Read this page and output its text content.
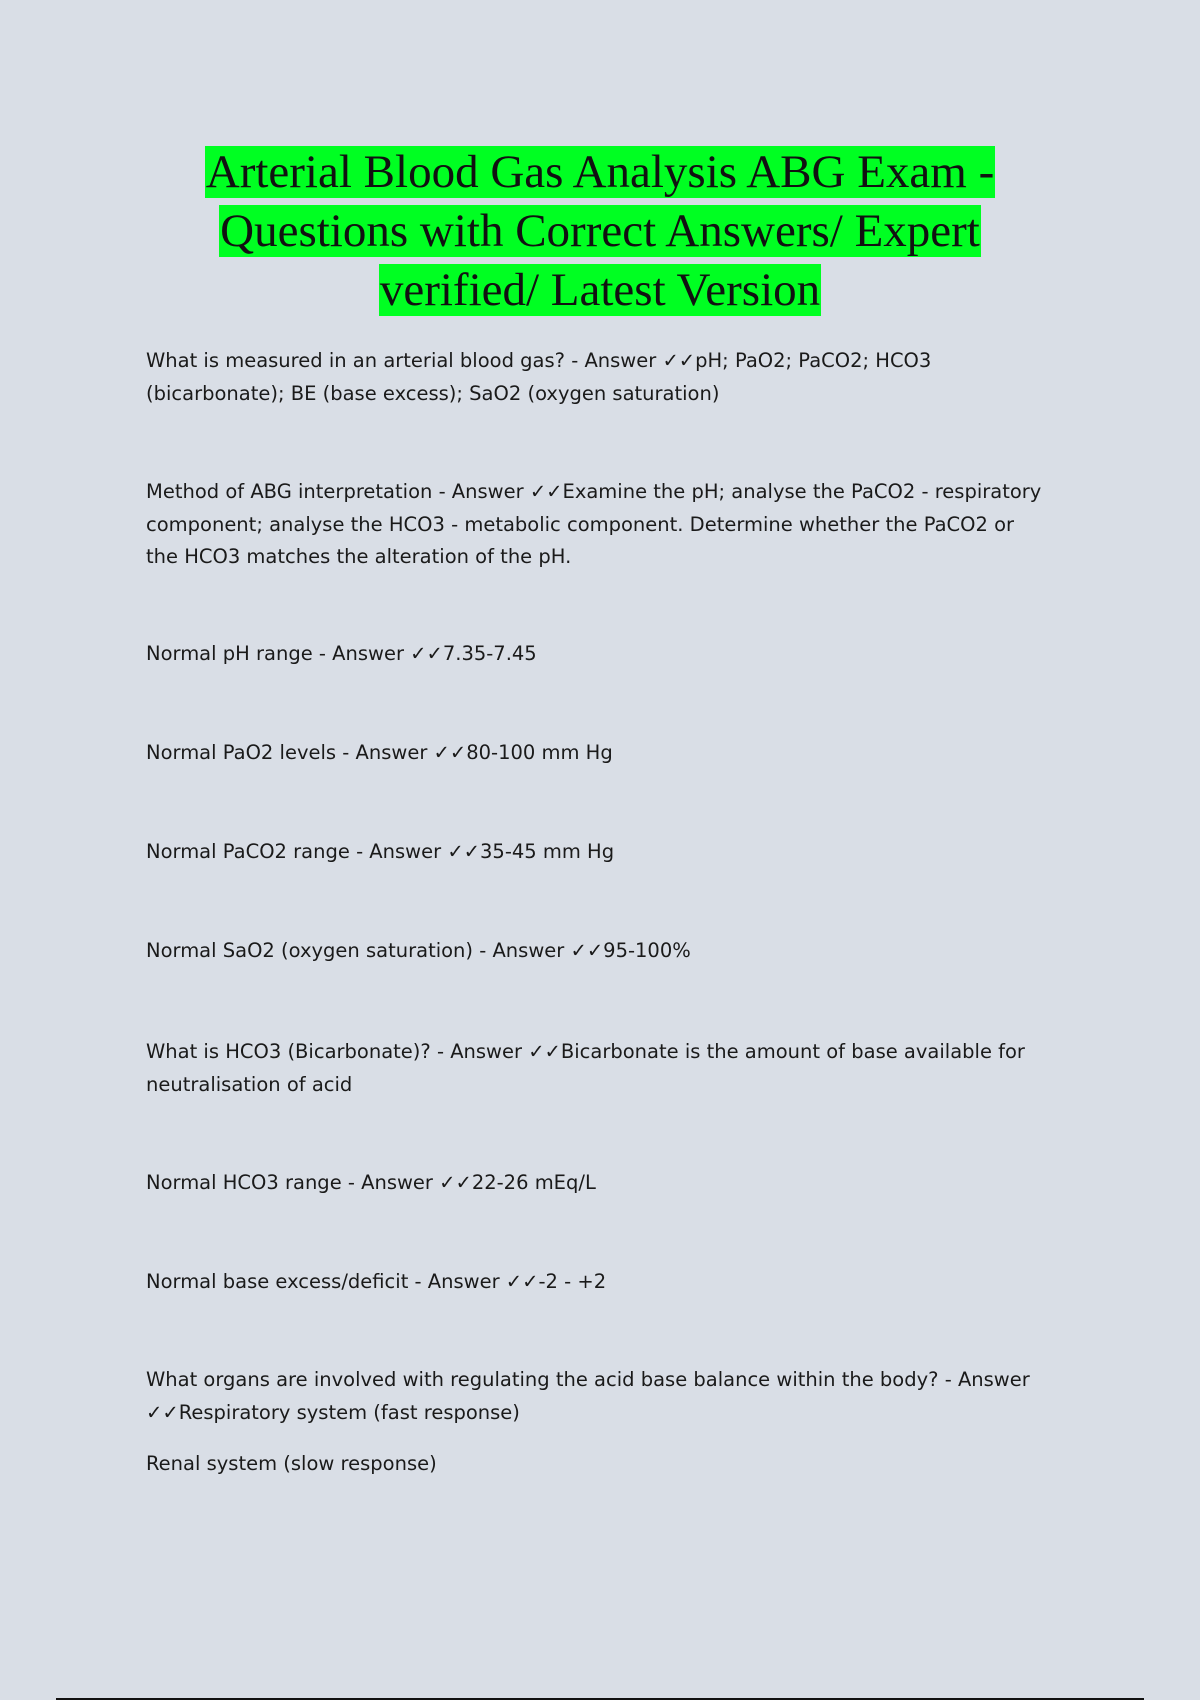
Arterial Blood Gas Analysis ABG Exam -
Questions with Correct Answers/ Expert
verified/ Latest Version

What is measured in an arterial blood gas? - Answer ✓✓pH; PaO2; PaCO2; HCO3 (bicarbonate); BE (base excess); SaO2 (oxygen saturation)

Method of ABG interpretation - Answer ✓✓Examine the pH; analyse the PaCO2 - respiratory component; analyse the HCO3 - metabolic component. Determine whether the PaCO2 or the HCO3 matches the alteration of the pH.

Normal pH range - Answer ✓✓7.35-7.45

Normal PaO2 levels - Answer ✓✓80-100 mm Hg

Normal PaCO2 range - Answer ✓✓35-45 mm Hg

Normal SaO2 (oxygen saturation) - Answer ✓✓95-100%

What is HCO3 (Bicarbonate)? - Answer ✓✓Bicarbonate is the amount of base available for neutralisation of acid

Normal HCO3 range - Answer ✓✓22-26 mEq/L

Normal base excess/deficit - Answer ✓✓-2 - +2

What organs are involved with regulating the acid base balance within the body? - Answer ✓✓Respiratory system (fast response)

Renal system (slow response)
